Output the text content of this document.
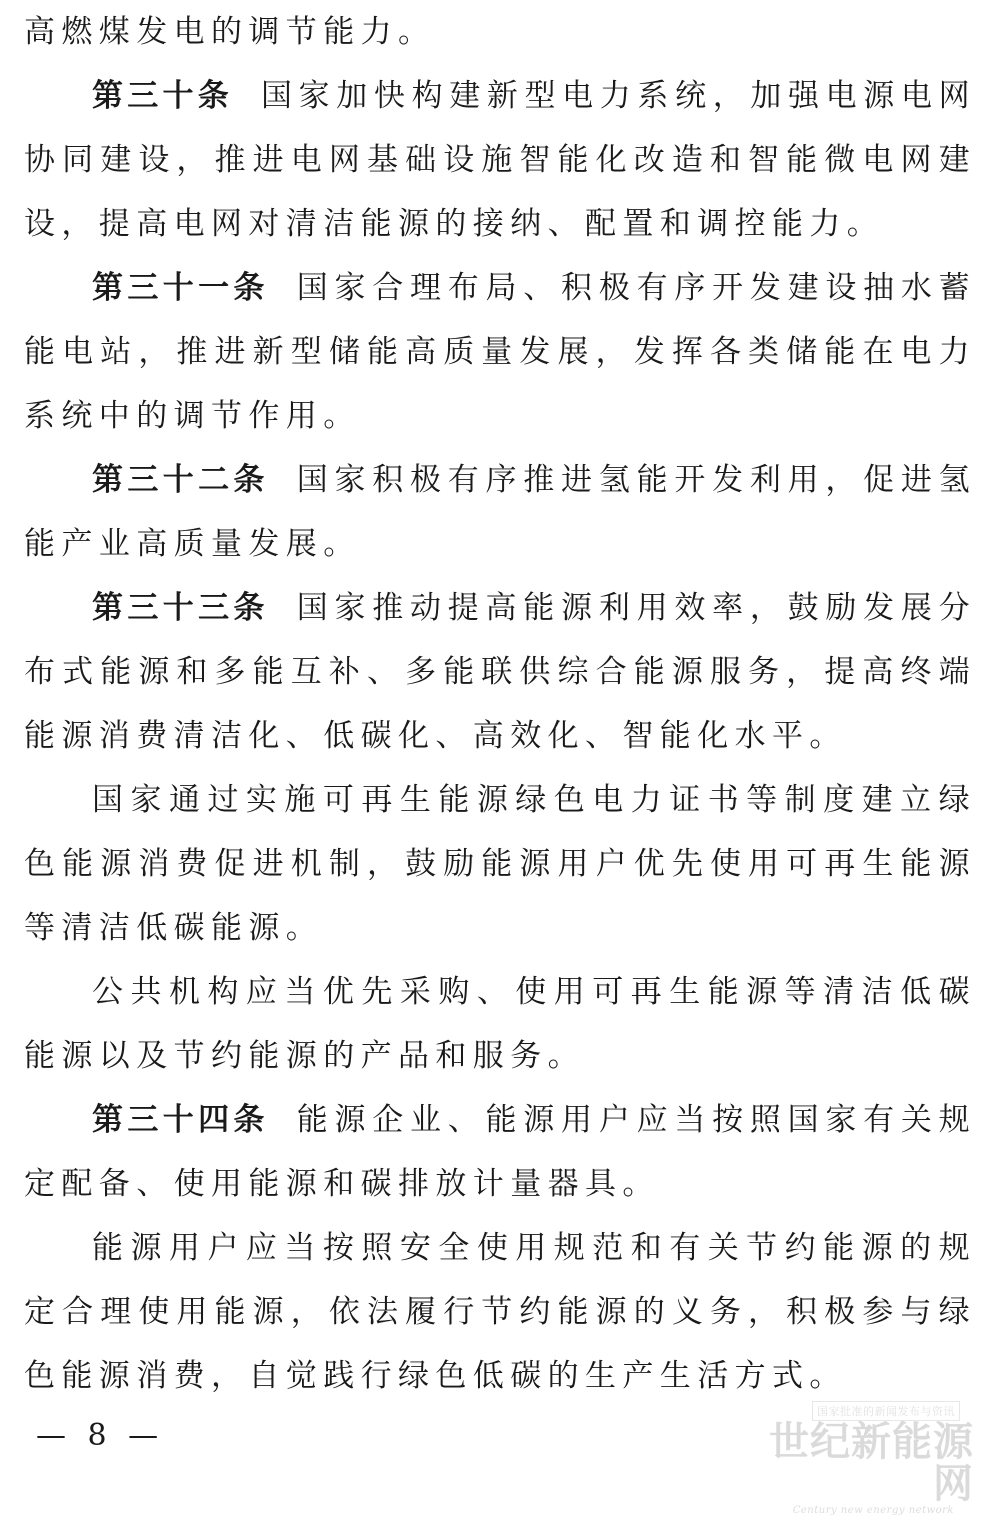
高燃煤发电的调节能力。

第三十条 国家加快构建新型电力系统，加强电源电网协同建设，推进电网基础设施智能化改造和智能微电网建设，提高电网对清洁能源的接纳、配置和调控能力。

第三十一条 国家合理布局、积极有序开发建设抽水蓄能电站，推进新型储能高质量发展，发挥各类储能在电力系统中的调节作用。

第三十二条 国家积极有序推进氢能开发利用，促进氢能产业高质量发展。

第三十三条 国家推动提高能源利用效率，鼓励发展分布式能源和多能互补、多能联供综合能源服务，提高终端能源消费清洁化、低碳化、高效化、智能化水平。

国家通过实施可再生能源绿色电力证书等制度建立绿色能源消费促进机制，鼓励能源用户优先使用可再生能源等清洁低碳能源。

公共机构应当优先采购、使用可再生能源等清洁低碳能源以及节约能源的产品和服务。

第三十四条 能源企业、能源用户应当按照国家有关规定配备、使用能源和碳排放计量器具。

能源用户应当按照安全使用规范和有关节约能源的规定合理使用能源，依法履行节约能源的义务，积极参与绿色能源消费，自觉践行绿色低碳的生产生活方式。

— 8 —
国家批准的新闻发布与资讯
世纪新能源网
Century new energy network
